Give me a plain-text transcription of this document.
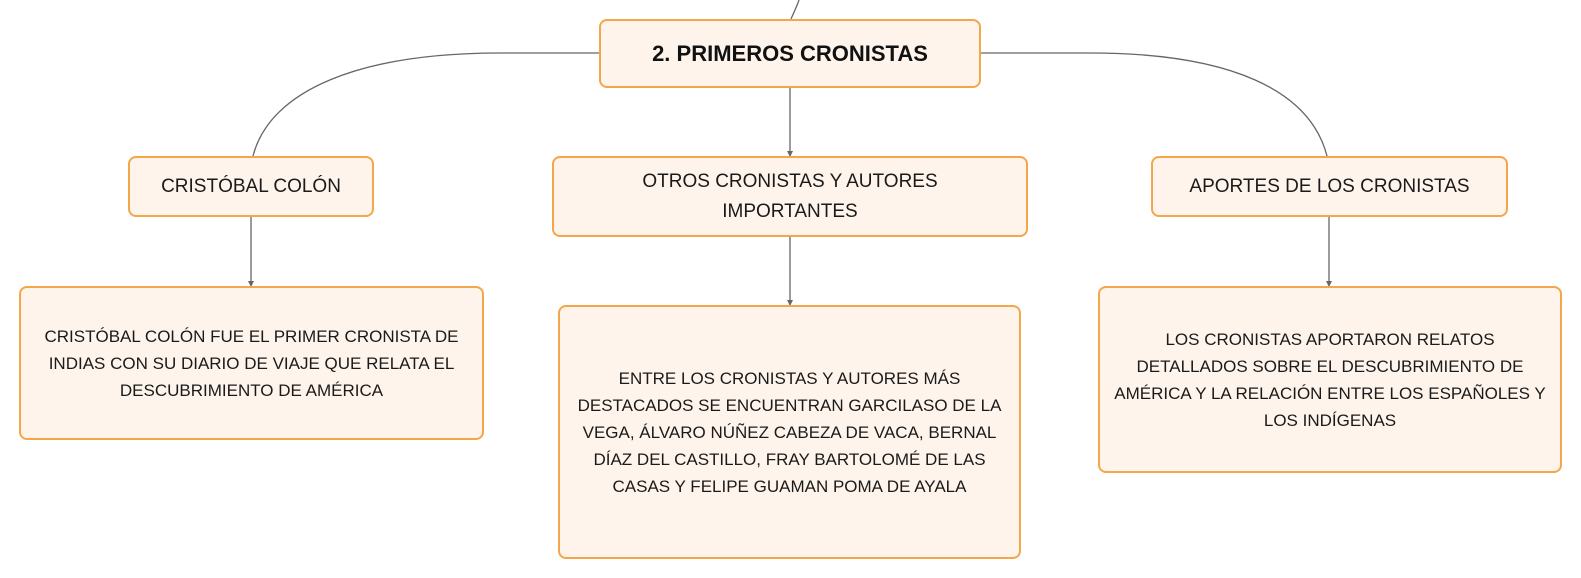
2. PRIMEROS CRONISTAS
CRISTÓBAL COLÓN	OTROS CRONISTAS Y AUTORES IMPORTANTES
APORTES DE LOS CRONISTAS
CRISTÓBAL COLÓN FUE EL PRIMER CRONISTA DE INDIAS CON SU DIARIO DE VIAJE QUE RELATA EL DESCUBRIMIENTO DE AMÉRICA
ENTRE LOS CRONISTAS Y AUTORES MÁS DESTACADOS SE ENCUENTRAN GARCILASO DE LA VEGA, ÁLVARO NÚÑEZ CABEZA DE VACA, BERNAL DÍAZ DEL CASTILLO, FRAY BARTOLOMÉ DE LAS CASAS Y FELIPE GUAMAN POMA DE AYALA
LOS CRONISTAS APORTARON RELATOS DETALLADOS SOBRE EL DESCUBRIMIENTO DE AMÉRICA Y LA RELACIÓN ENTRE LOS ESPAÑOLES Y LOS INDÍGENAS
